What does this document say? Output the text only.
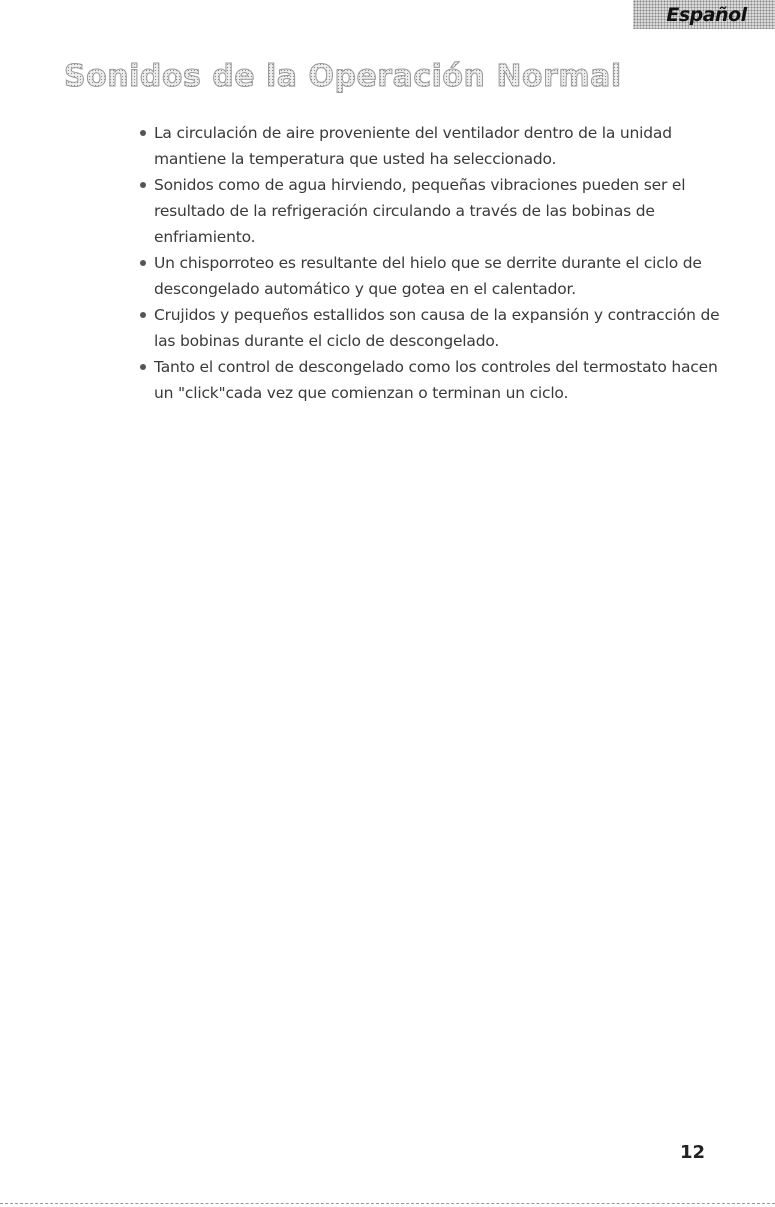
Español
Sonidos de la Operación Normal
La circulación de aire proveniente del ventilador dentro de la unidad mantiene la temperatura que usted ha seleccionado.
Sonidos como de agua hirviendo, pequeñas vibraciones pueden ser el resultado de la refrigeración circulando a través de las bobinas de enfriamiento.
Un chisporroteo es resultante del hielo que se derrite durante el ciclo de descongelado automático y que gotea en el calentador.
Crujidos y pequeños estallidos son causa de la expansión y contracción de las bobinas durante el ciclo de descongelado.
Tanto el control de descongelado como los controles del termostato hacen un "click"cada vez que comienzan o terminan un ciclo.
12
